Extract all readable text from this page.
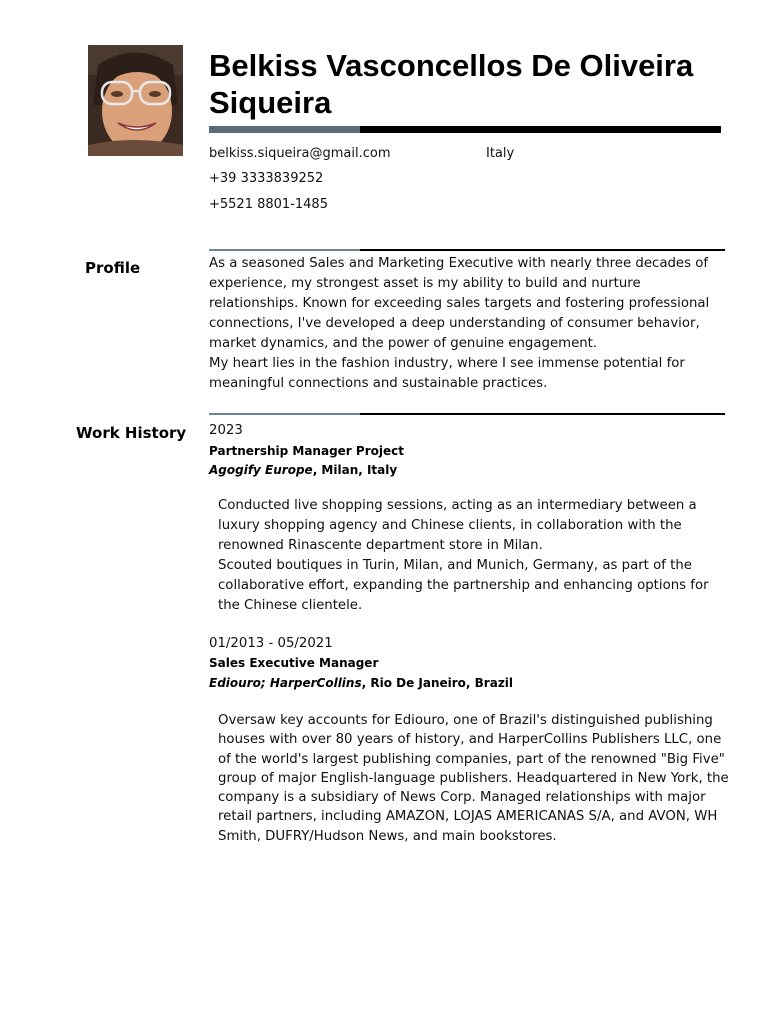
Belkiss Vasconcellos De Oliveira Siqueira
belkiss.siqueira@gmail.com	Italy
+39 3333839252
+5521 8801-1485
Profile	As a seasoned Sales and Marketing Executive with nearly three decades of experience, my strongest asset is my ability to build and nurture relationships. Known for exceeding sales targets and fostering professional connections, I've developed a deep understanding of consumer behavior, market dynamics, and the power of genuine engagement.

My heart lies in the fashion industry, where I see immense potential for meaningful connections and sustainable practices.

Work History 2023
Partnership Manager Project
Agogify Europe, Milan, Italy

Conducted live shopping sessions, acting as an intermediary between a luxury shopping agency and Chinese clients, in collaboration with the renowned Rinascente department store in Milan.

Scouted boutiques in Turin, Milan, and Munich, Germany, as part of the collaborative effort, expanding the partnership and enhancing options for the Chinese clientele.

01/2013 - 05/2021
Sales Executive Manager
Ediouro; HarperCollins, Rio De Janeiro, Brazil

Oversaw key accounts for Ediouro, one of Brazil's distinguished publishing houses with over 80 years of history, and HarperCollins Publishers LLC, one of the world's largest publishing companies, part of the renowned "Big Five" group of major English-language publishers. Headquartered in New York, the company is a subsidiary of News Corp. Managed relationships with major retail partners, including AMAZON, LOJAS AMERICANAS S/A, and AVON, WH Smith, DUFRY/Hudson News, and main bookstores.
